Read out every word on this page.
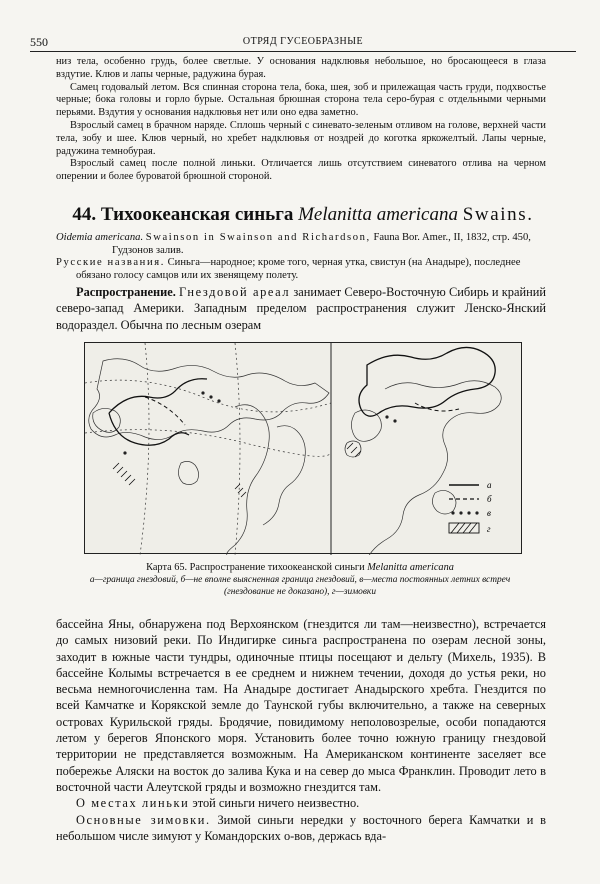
550	ОТРЯД ГУСЕОБРАЗНЫЕ

низ тела, особенно грудь, более светлые. У основания надклювья небольшое, но бросающееся в глаза вздутие. Клюв и лапы черные, радужина бурая.

Самец годовалый летом. Вся спинная сторона тела, бока, шея, зоб и прилежащая часть груди, подхвостье черные; бока головы и горло бурые. Остальная брюшная сторона тела серо-бурая с отдельными черными перьями. Вздутия у основания надклювья нет или оно едва заметно.

Взрослый самец в брачном наряде. Сплошь черный с синевато-зеленым отливом на голове, верхней части тела, зобу и шее. Клюв черный, но хребет надклювья от ноздрей до коготка яркожелтый. Лапы черные, радужина темнобурая.

Взрослый самец после полной линьки. Отличается лишь отсутствием синеватого отлива на черном оперении и более буроватой брюшной стороной.

44. Тихоокеанская синьга Melanitta americana Swains.

Oidemia americana. Swainson in Swainson and Richardson, Fauna Bor. Amer., II, 1832, стр. 450, Гудзонов залив.

Русские названия. Синьга—народное; кроме того, черная утка, свистун (на Анадыре), последнее обязано голосу самцов или их звенящему полету.

Распространение. Гнездовой ареал занимает Северо-Восточную Сибирь и крайний северо-запад Америки. Западным пределом распространения служит Ленско-Янский водораздел. Обычна по лесным озерам

а
б
в
г

Карта 65. Распространение тихоокеанской синьги Melanitta americana

а—граница гнездовий, б—не вполне выясненная граница гнездовий, в—места постоянных летних встреч (гнездование не доказано), г—зимовки

бассейна Яны, обнаружена под Верхоянском (гнездится ли там—неизвестно), встречается до самых низовий реки. По Индигирке синьга распространена по озерам лесной зоны, заходит в южные части тундры, одиночные птицы посещают и дельту (Михель, 1935). В бассейне Колымы встречается в ее среднем и нижнем течении, доходя до устья реки, но весьма немногочисленна там. На Анадыре достигает Анадырского хребта. Гнездится по всей Камчатке и Корякской земле до Таунской губы включительно, а также на северных островах Курильской гряды. Бродячие, повидимому неполовозрелые, особи попадаются летом у берегов Японского моря. Установить более точно южную границу гнездовой территории не представляется возможным. На Американском континенте заселяет все побережье Аляски на восток до залива Кука и на север до мыса Франклин. Проводит лето в восточной части Алеутской гряды и возможно гнездится там.

О местах линьки этой синьги ничего неизвестно.

Основные зимовки. Зимой синьги нередки у восточного берега Камчатки и в небольшом числе зимуют у Командорских о-вов, держась вда-
